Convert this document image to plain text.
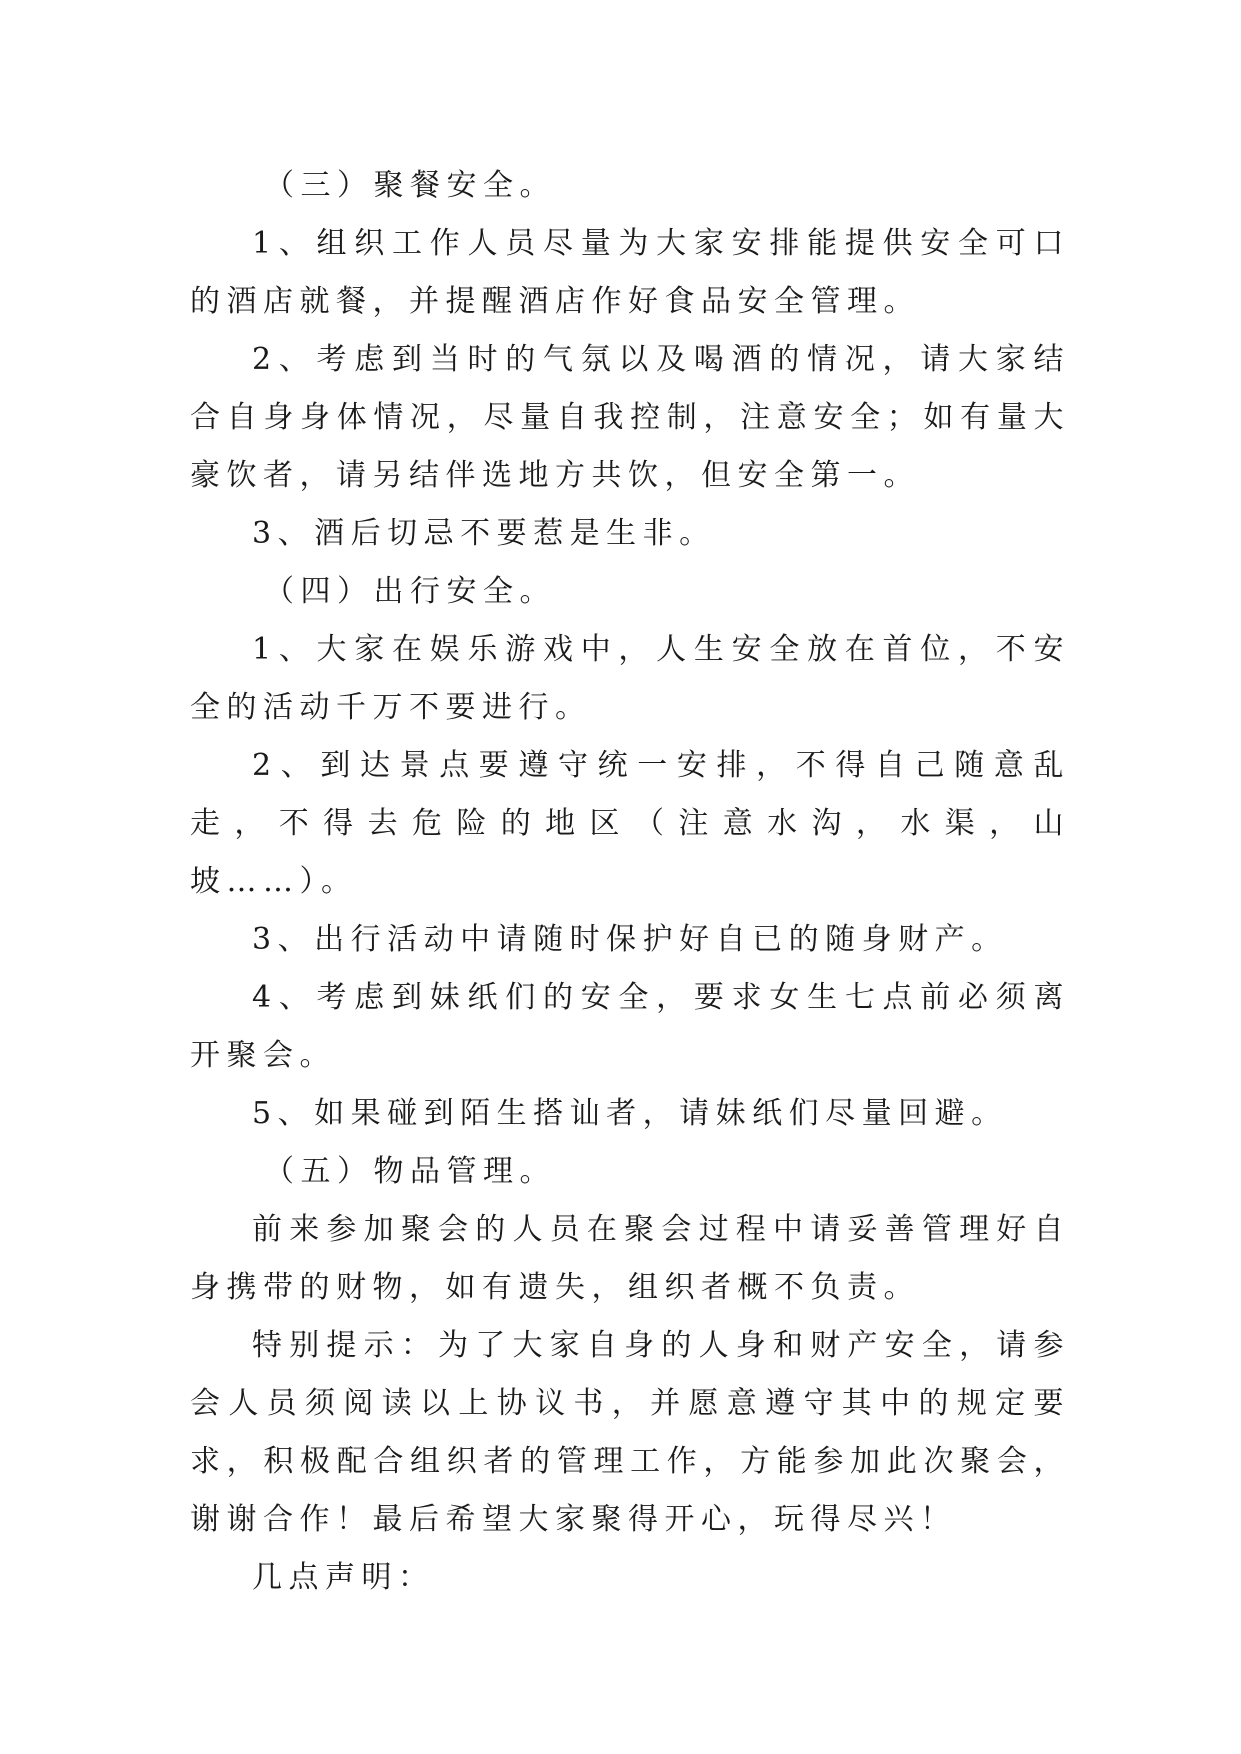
（三）聚餐安全。

1、组织工作人员尽量为大家安排能提供安全可口的酒店就餐，并提醒酒店作好食品安全管理。

2、考虑到当时的气氛以及喝酒的情况，请大家结合自身身体情况，尽量自我控制，注意安全；如有量大豪饮者，请另结伴选地方共饮，但安全第一。

3、酒后切忌不要惹是生非。

（四）出行安全。

1、大家在娱乐游戏中，人生安全放在首位，不安全的活动千万不要进行。

2、到达景点要遵守统一安排，不得自己随意乱走，不得去危险的地区（注意水沟，水渠，山坡……）。

3、出行活动中请随时保护好自已的随身财产。

4、考虑到妹纸们的安全，要求女生七点前必须离开聚会。

5、如果碰到陌生搭讪者，请妹纸们尽量回避。

（五）物品管理。

前来参加聚会的人员在聚会过程中请妥善管理好自身携带的财物，如有遗失，组织者概不负责。

特别提示：为了大家自身的人身和财产安全，请参会人员须阅读以上协议书，并愿意遵守其中的规定要求，积极配合组织者的管理工作，方能参加此次聚会，谢谢合作！最后希望大家聚得开心，玩得尽兴！

几点声明：
